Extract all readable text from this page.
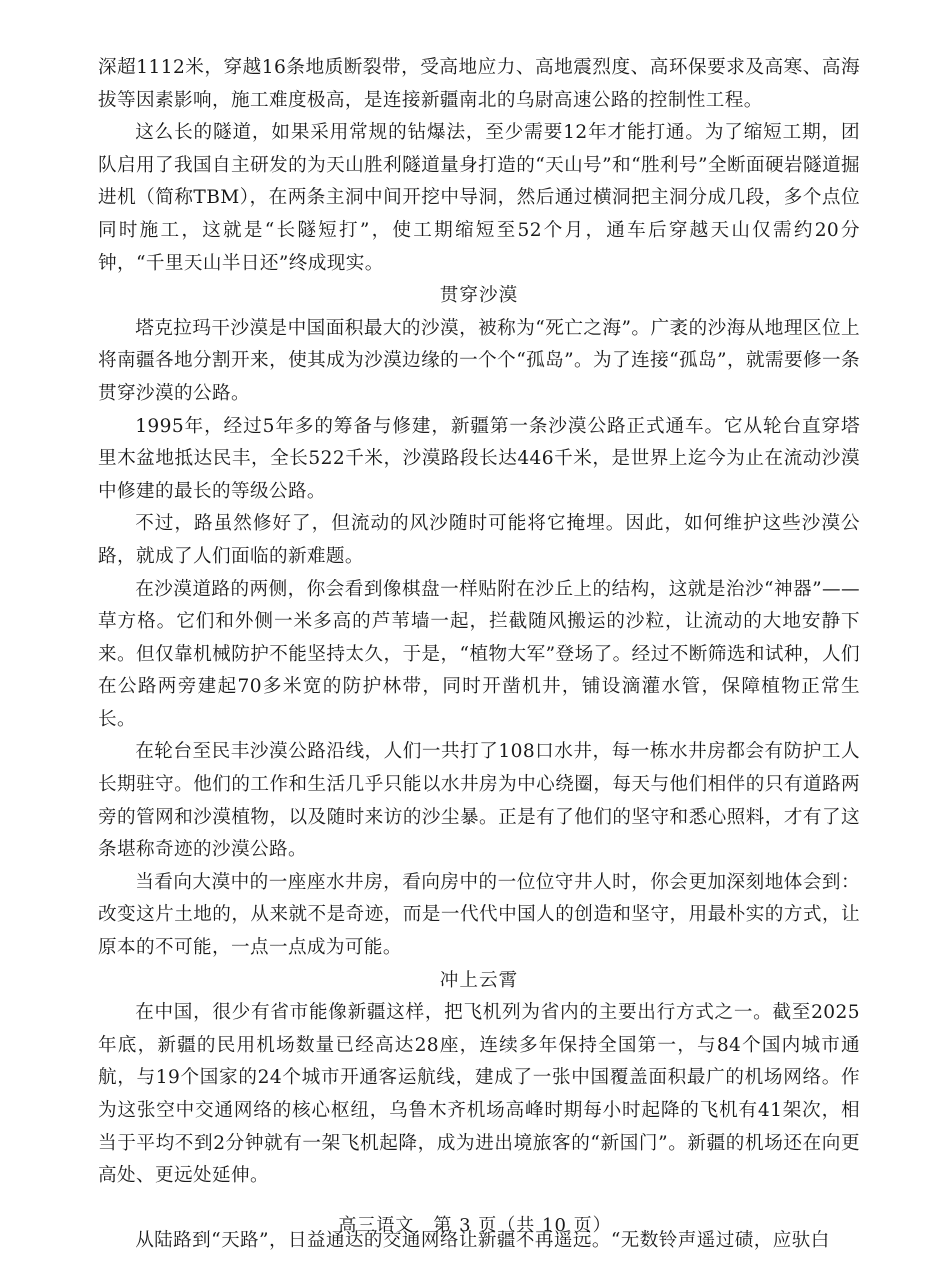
深超1112米，穿越16条地质断裂带，受高地应力、高地震烈度、高环保要求及高寒、高海拔等因素影响，施工难度极高，是连接新疆南北的乌尉高速公路的控制性工程。

这么长的隧道，如果采用常规的钻爆法，至少需要12年才能打通。为了缩短工期，团队启用了我国自主研发的为天山胜利隧道量身打造的“天山号”和“胜利号”全断面硬岩隧道掘进机（简称TBM），在两条主洞中间开挖中导洞，然后通过横洞把主洞分成几段，多个点位同时施工，这就是“长隧短打”，使工期缩短至52个月，通车后穿越天山仅需约20分钟，“千里天山半日还”终成现实。

贯穿沙漠

塔克拉玛干沙漠是中国面积最大的沙漠，被称为“死亡之海”。广袤的沙海从地理区位上将南疆各地分割开来，使其成为沙漠边缘的一个个“孤岛”。为了连接“孤岛”，就需要修一条贯穿沙漠的公路。

1995年，经过5年多的筹备与修建，新疆第一条沙漠公路正式通车。它从轮台直穿塔里木盆地抵达民丰，全长522千米，沙漠路段长达446千米，是世界上迄今为止在流动沙漠中修建的最长的等级公路。

不过，路虽然修好了，但流动的风沙随时可能将它掩埋。因此，如何维护这些沙漠公路，就成了人们面临的新难题。

在沙漠道路的两侧，你会看到像棋盘一样贴附在沙丘上的结构，这就是治沙“神器”——草方格。它们和外侧一米多高的芦苇墙一起，拦截随风搬运的沙粒，让流动的大地安静下来。但仅靠机械防护不能坚持太久，于是，“植物大军”登场了。经过不断筛选和试种，人们在公路两旁建起70多米宽的防护林带，同时开凿机井，铺设滴灌水管，保障植物正常生长。

在轮台至民丰沙漠公路沿线，人们一共打了108口水井，每一栋水井房都会有防护工人长期驻守。他们的工作和生活几乎只能以水井房为中心绕圈，每天与他们相伴的只有道路两旁的管网和沙漠植物，以及随时来访的沙尘暴。正是有了他们的坚守和悉心照料，才有了这条堪称奇迹的沙漠公路。

当看向大漠中的一座座水井房，看向房中的一位位守井人时，你会更加深刻地体会到：改变这片土地的，从来就不是奇迹，而是一代代中国人的创造和坚守，用最朴实的方式，让原本的不可能，一点一点成为可能。

冲上云霄

在中国，很少有省市能像新疆这样，把飞机列为省内的主要出行方式之一。截至2025年底，新疆的民用机场数量已经高达28座，连续多年保持全国第一，与84个国内城市通航，与19个国家的24个城市开通客运航线，建成了一张中国覆盖面积最广的机场网络。作为这张空中交通网络的核心枢纽，乌鲁木齐机场高峰时期每小时起降的飞机有41架次，相当于平均不到2分钟就有一架飞机起降，成为进出境旅客的“新国门”。新疆的机场还在向更高处、更远处延伸。

从陆路到“天路”，日益通达的交通网络让新疆不再遥远。“无数铃声遥过碛，应驮白

高三语文　第 3 页（共 10 页）
